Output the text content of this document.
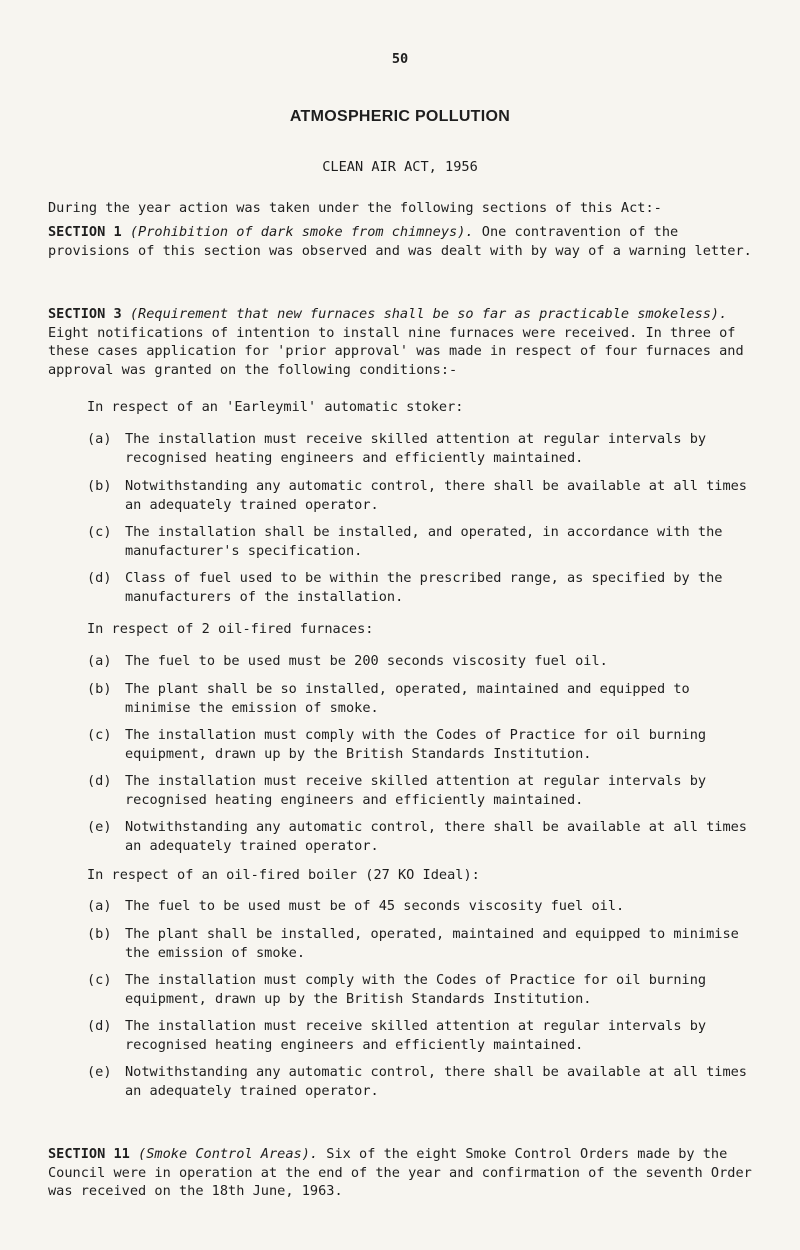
50
ATMOSPHERIC POLLUTION
CLEAN AIR ACT, 1956

During the year action was taken under the following sections of this Act:-

SECTION 1 (Prohibition of dark smoke from chimneys). One contravention of the provisions of this section was observed and was dealt with by way of a warning letter.

SECTION 3 (Requirement that new furnaces shall be so far as practicable smokeless). Eight notifications of intention to install nine furnaces were received. In three of these cases application for 'prior approval' was made in respect of four furnaces and approval was granted on the following conditions:-

In respect of an 'Earleymil' automatic stoker:
(a) The installation must receive skilled attention at regular intervals by recognised heating engineers and efficiently maintained.
(b) Notwithstanding any automatic control, there shall be available at all times an adequately trained operator.
(c) The installation shall be installed, and operated, in accordance with the manufacturer's specification.
(d) Class of fuel used to be within the prescribed range, as specified by the manufacturers of the installation.
In respect of 2 oil-fired furnaces:
(a) The fuel to be used must be 200 seconds viscosity fuel oil.
(b) The plant shall be so installed, operated, maintained and equipped to minimise the emission of smoke.
(c) The installation must comply with the Codes of Practice for oil burning equipment, drawn up by the British Standards Institution.
(d) The installation must receive skilled attention at regular intervals by recognised heating engineers and efficiently maintained.
(e) Notwithstanding any automatic control, there shall be available at all times an adequately trained operator.
In respect of an oil-fired boiler (27 KO Ideal):
(a) The fuel to be used must be of 45 seconds viscosity fuel oil.
(b) The plant shall be installed, operated, maintained and equipped to minimise the emission of smoke.
(c) The installation must comply with the Codes of Practice for oil burning equipment, drawn up by the British Standards Institution.
(d) The installation must receive skilled attention at regular intervals by recognised heating engineers and efficiently maintained.
(e) Notwithstanding any automatic control, there shall be available at all times an adequately trained operator.

SECTION 11 (Smoke Control Areas). Six of the eight Smoke Control Orders made by the Council were in operation at the end of the year and confirmation of the seventh Order was received on the 18th June, 1963.
